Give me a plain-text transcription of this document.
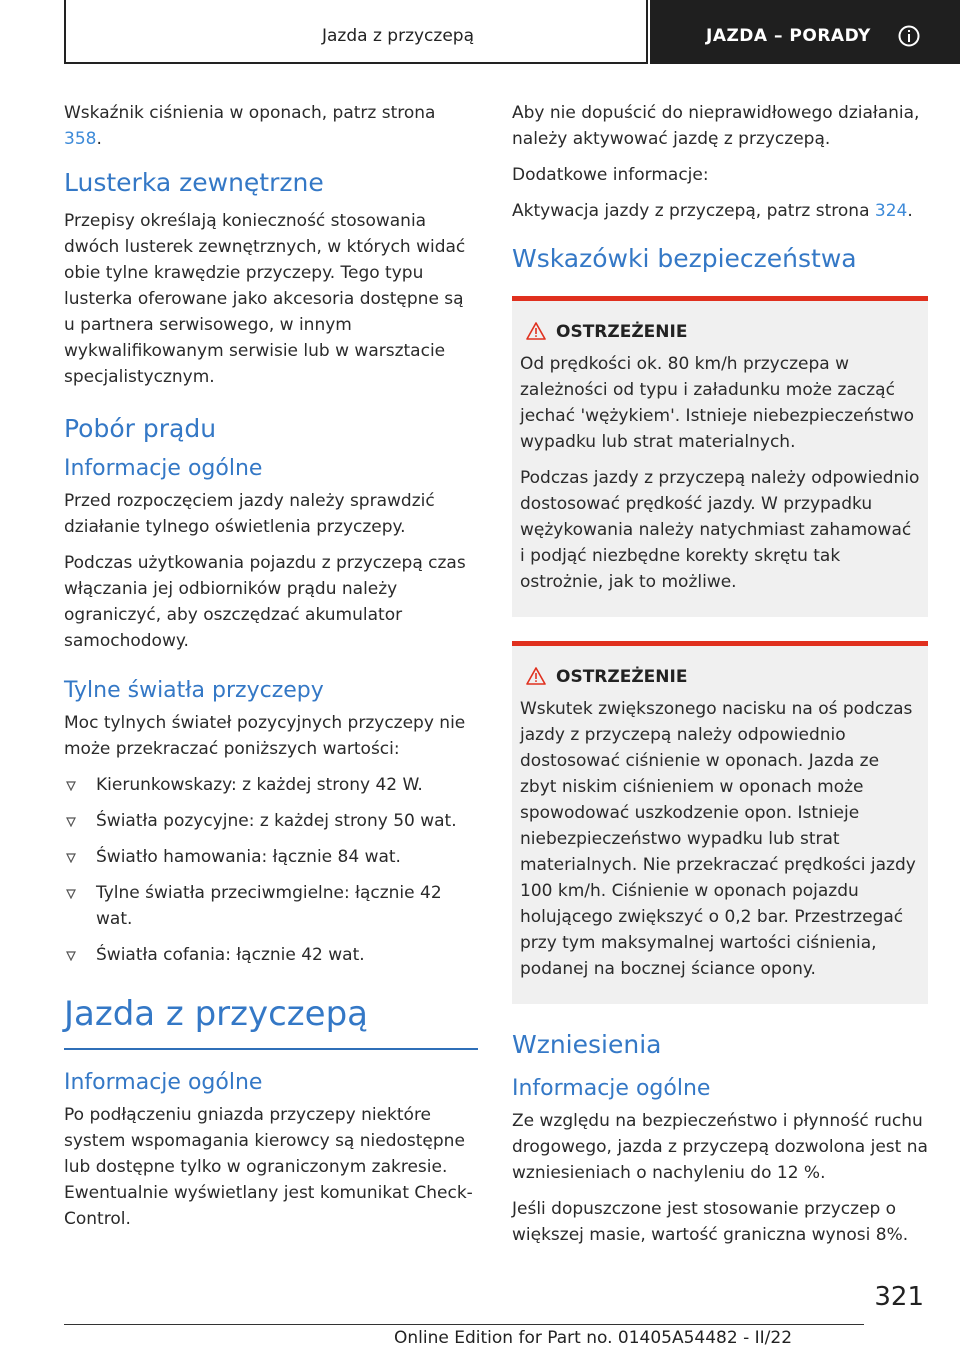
Jazda z przyczepą	JAZDA – PORADY

Wskaźnik ciśnienia w oponach, patrz strona 358.

Lusterka zewnętrzne

Przepisy określają konieczność stosowania dwóch lusterek zewnętrznych, w których widać obie tylne krawędzie przyczepy. Tego typu lusterka oferowane jako akcesoria dostępne są u partnera serwisowego, w innym wykwalifikowanym serwisie lub w warsztacie specjalistycznym.

Pobór prądu
Informacje ogólne

Przed rozpoczęciem jazdy należy sprawdzić działanie tylnego oświetlenia przyczepy.

Podczas użytkowania pojazdu z przyczepą czas włączania jej odbiorników prądu należy ograniczyć, aby oszczędzać akumulator samochodowy.

Tylne światła przyczepy

Moc tylnych świateł pozycyjnych przyczepy nie może przekraczać poniższych wartości:

Kierunkowskazy: z każdej strony 42 W.
Światła pozycyjne: z każdej strony 50 wat.
Światło hamowania: łącznie 84 wat.
Tylne światła przeciwmgielne: łącznie 42 wat.
Światła cofania: łącznie 42 wat.
Jazda z przyczepą
Informacje ogólne

Po podłączeniu gniazda przyczepy niektóre system wspomagania kierowcy są niedostępne lub dostępne tylko w ograniczonym zakresie. Ewentualnie wyświetlany jest komunikat Check-Control.

Aby nie dopuścić do nieprawidłowego działania, należy aktywować jazdę z przyczepą.

Dodatkowe informacje:

Aktywacja jazdy z przyczepą, patrz strona 324.

Wskazówki bezpieczeństwa
OSTRZEŻENIE

Od prędkości ok. 80 km/h przyczepa w zależności od typu i załadunku może zacząć jechać 'wężykiem'. Istnieje niebezpieczeństwo wypadku lub strat materialnych.

Podczas jazdy z przyczepą należy odpowiednio dostosować prędkość jazdy. W przypadku wężykowania należy natychmiast zahamować i podjąć niezbędne korekty skrętu tak ostrożnie, jak to możliwe.

OSTRZEŻENIE

Wskutek zwiększonego nacisku na oś podczas jazdy z przyczepą należy odpowiednio dostosować ciśnienie w oponach. Jazda ze zbyt niskim ciśnieniem w oponach może spowodować uszkodzenie opon. Istnieje niebezpieczeństwo wypadku lub strat materialnych. Nie przekraczać prędkości jazdy 100 km/h. Ciśnienie w oponach pojazdu holującego zwiększyć o 0,2 bar. Przestrzegać przy tym maksymalnej wartości ciśnienia, podanej na bocznej ściance opony.

Wzniesienia
Informacje ogólne

Ze względu na bezpieczeństwo i płynność ruchu drogowego, jazda z przyczepą dozwolona jest na wzniesieniach o nachyleniu do 12 %.

Jeśli dopuszczone jest stosowanie przyczep o większej masie, wartość graniczna wynosi 8%.

321
Online Edition for Part no. 01405A54482 - II/22
